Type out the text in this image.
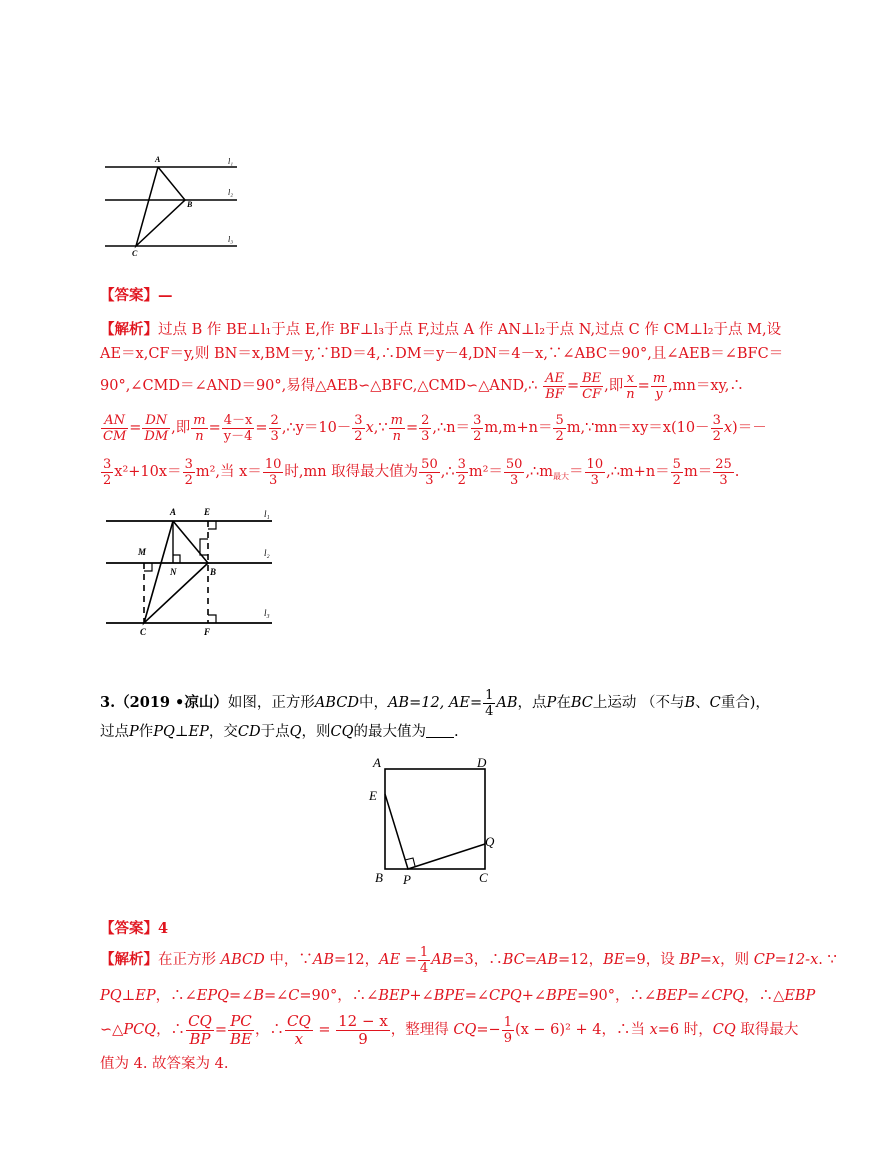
A
B
C
l₁
l₂
l₃
【答案】—
【解析】过点 B 作 BE⊥l₁于点 E,作 BF⊥l₃于点 F,过点 A 作 AN⊥l₂于点 N,过点 C 作 CM⊥l₂于点 M,设
AE＝x,CF＝y,则 BN＝x,BM＝y,∵BD＝4,∴DM＝y－4,DN＝4－x,∵∠ABC＝90°,且∠AEB＝∠BFC＝
90°,∠CMD＝∠AND＝90°,易得△AEB∽△BFC,△CMD∽△AND,∴ $\frac{AE}{BF} = \frac{BE}{CF}$ ,即 $\frac{x}{n} = \frac{m}{y}$ ,mn＝xy,∴
$\frac{AN}{CM} = \frac{DN}{DM}$ ,即 $\frac{m}{n} = \frac{4-x}{y-4} = \frac{2}{3}$ ,∴y＝10－ $\frac{3}{2}$ x,∵ $\frac{m}{n} = \frac{2}{3}$ ,∴n＝ $\frac{3}{2} m,m+n= \frac{5}{2}$ m,∵mn＝xy＝x(10－ $\frac{3}{2} x)=-$
$\frac{3}{2} x^2+10x= \frac{3}{2} m^2$,当 $x= \frac{10}{3}$ 时,mn 取得最大值为 $\frac{50}{3}$ ,∴ $\frac{3}{2} m^2= \frac{50}{3}$ $,\therefore m_{最大}= \frac{10}{3}$ ,∴m+n＝ $\frac{5}{2} m= \frac{25}{3}$ .
A	E
M
N	B
C	F
l₁
l₂
l₃
3.（2019 •凉山）如图，正方形ABCD中，AB=12, $AE= \frac{1}{4}$ AB，点P在BC上运动 （不与B、C重合)，
过点P作PQ⊥EP，交CD于点Q，则CQ的最大值为 .
A	D
E
Q
B P	C
【答案】4
【解析】在正方形 ABCD 中，∵AB=12，AE = $\frac{1}{4} AB=3$，∴BC=AB=12，BE=9，设 BP=x，则 CP=12-x. ∵
PQ⊥EP，∴∠EPQ=∠B=∠C=90°，∴∠BEP+∠BPE=∠CPQ+∠BPE=90°，∴∠BEP=∠CPQ，∴△EBP
∽△PCQ，∴ $\frac{CQ}{BP} = \frac{PC}{BE}$ ，∴ $\frac{CQ}{x} = \frac{12 - x}{9}$ ，整理得 $CQ=- \frac{1}{9} (x - 6)^2 + 4$，∴当 x=6 时，CQ 取得最大
值为 4. 故答案为 4.
